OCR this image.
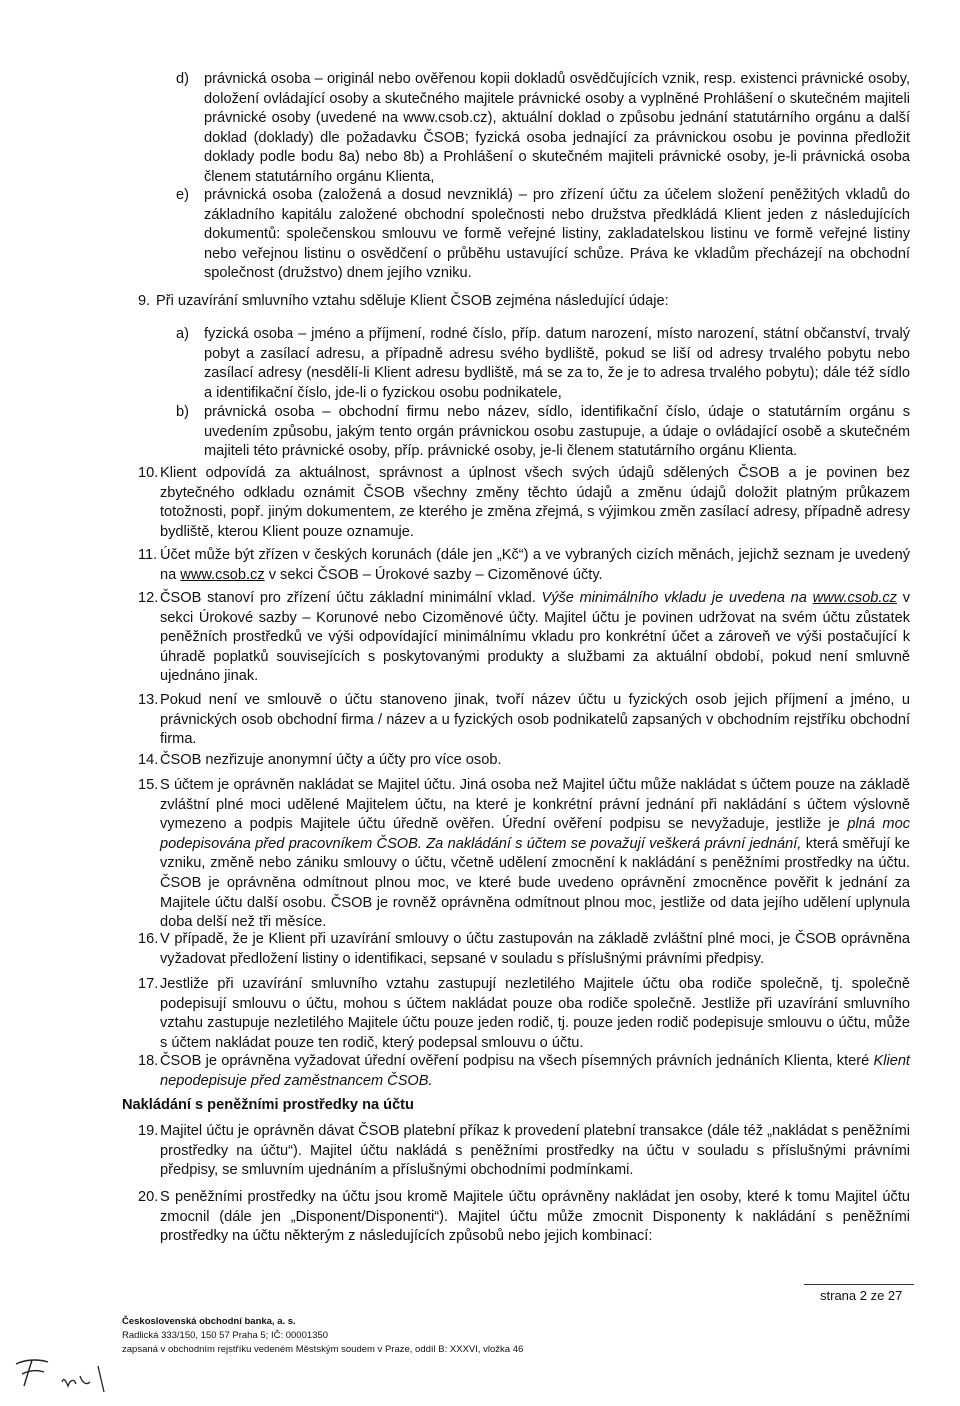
d) právnická osoba – originál nebo ověřenou kopii dokladů osvědčujících vznik, resp. existenci právnické osoby, doložení ovládající osoby a skutečného majitele právnické osoby a vyplněné Prohlášení o skutečném majiteli právnické osoby (uvedené na www.csob.cz), aktuální doklad o způsobu jednání statutárního orgánu a další doklad (doklady) dle požadavku ČSOB; fyzická osoba jednající za právnickou osobu je povinna předložit doklady podle bodu 8a) nebo 8b) a Prohlášení o skutečném majiteli právnické osoby, je-li právnická osoba členem statutárního orgánu Klienta,

e) právnická osoba (založená a dosud nevzniklá) – pro zřízení účtu za účelem složení peněžitých vkladů do základního kapitálu založené obchodní společnosti nebo družstva předkládá Klient jeden z následujících dokumentů: společenskou smlouvu ve formě veřejné listiny, zakladatelskou listinu ve formě veřejné listiny nebo veřejnou listinu o osvědčení o průběhu ustavující schůze. Práva ke vkladům přecházejí na obchodní společnost (družstvo) dnem jejího vzniku.

9. Při uzavírání smluvního vztahu sděluje Klient ČSOB zejména následující údaje:

a) fyzická osoba – jméno a příjmení, rodné číslo, příp. datum narození, místo narození, státní občanství, trvalý pobyt a zasílací adresu, a případně adresu svého bydliště, pokud se liší od adresy trvalého pobytu nebo zasílací adresy (nesdělí-li Klient adresu bydliště, má se za to, že je to adresa trvalého pobytu); dále též sídlo a identifikační číslo, jde-li o fyzickou osobu podnikatele,

b) právnická osoba – obchodní firmu nebo název, sídlo, identifikační číslo, údaje o statutárním orgánu s uvedením způsobu, jakým tento orgán právnickou osobu zastupuje, a údaje o ovládající osobě a skutečném majiteli této právnické osoby, příp. právnické osoby, je-li členem statutárního orgánu Klienta.

10. Klient odpovídá za aktuálnost, správnost a úplnost všech svých údajů sdělených ČSOB a je povinen bez zbytečného odkladu oznámit ČSOB všechny změny těchto údajů a změnu údajů doložit platným průkazem totožnosti, popř. jiným dokumentem, ze kterého je změna zřejmá, s výjimkou změn zasílací adresy, případně adresy bydliště, kterou Klient pouze oznamuje.

11. Účet může být zřízen v českých korunách (dále jen „Kč“) a ve vybraných cizích měnách, jejichž seznam je uvedený na www.csob.cz v sekci ČSOB – Úrokové sazby – Cizoměnové účty.

12. ČSOB stanoví pro zřízení účtu základní minimální vklad. Výše minimálního vkladu je uvedena na www.csob.cz v sekci Úrokové sazby – Korunové nebo Cizoměnové účty. Majitel účtu je povinen udržovat na svém účtu zůstatek peněžních prostředků ve výši odpovídající minimálnímu vkladu pro konkrétní účet a zároveň ve výši postačující k úhradě poplatků souvisejících s poskytovanými produkty a službami za aktuální období, pokud není smluvně ujednáno jinak.

13. Pokud není ve smlouvě o účtu stanoveno jinak, tvoří název účtu u fyzických osob jejich příjmení a jméno, u právnických osob obchodní firma / název a u fyzických osob podnikatelů zapsaných v obchodním rejstříku obchodní firma.

14. ČSOB nezřizuje anonymní účty a účty pro více osob.

15. S účtem je oprávněn nakládat se Majitel účtu. Jiná osoba než Majitel účtu může nakládat s účtem pouze na základě zvláštní plné moci udělené Majitelem účtu, na které je konkrétní právní jednání při nakládání s účtem výslovně vymezeno a podpis Majitele účtu úředně ověřen. Úřední ověření podpisu se nevyžaduje, jestliže je plná moc podepisována před pracovníkem ČSOB. Za nakládání s účtem se považují veškerá právní jednání, která směřují ke vzniku, změně nebo zániku smlouvy o účtu, včetně udělení zmocnění k nakládání s peněžními prostředky na účtu. ČSOB je oprávněna odmítnout plnou moc, ve které bude uvedeno oprávnění zmocněnce pověřit k jednání za Majitele účtu další osobu. ČSOB je rovněž oprávněna odmítnout plnou moc, jestliže od data jejího udělení uplynula doba delší než tři měsíce.

16. V případě, že je Klient při uzavírání smlouvy o účtu zastupován na základě zvláštní plné moci, je ČSOB oprávněna vyžadovat předložení listiny o identifikaci, sepsané v souladu s příslušnými právními předpisy.

17. Jestliže při uzavírání smluvního vztahu zastupují nezletilého Majitele účtu oba rodiče společně, tj. společně podepisují smlouvu o účtu, mohou s účtem nakládat pouze oba rodiče společně. Jestliže při uzavírání smluvního vztahu zastupuje nezletilého Majitele účtu pouze jeden rodič, tj. pouze jeden rodič podepisuje smlouvu o účtu, může s účtem nakládat pouze ten rodič, který podepsal smlouvu o účtu.

18. ČSOB je oprávněna vyžadovat úřední ověření podpisu na všech písemných právních jednáních Klienta, které Klient nepodepisuje před zaměstnancem ČSOB.

Nakládání s peněžními prostředky na účtu
19. Majitel účtu je oprávněn dávat ČSOB platební příkaz k provedení platební transakce (dále též „nakládat s peněžními prostředky na účtu“). Majitel účtu nakládá s peněžními prostředky na účtu v souladu s příslušnými právními předpisy, se smluvním ujednáním a příslušnými obchodními podmínkami.

20. S peněžními prostředky na účtu jsou kromě Majitele účtu oprávněny nakládat jen osoby, které k tomu Majitel účtu zmocnil (dále jen „Disponent/Disponenti“). Majitel účtu může zmocnit Disponenty k nakládání s peněžními prostředky na účtu některým z následujících způsobů nebo jejich kombinací:

strana 2 ze 27
Československá obchodní banka, a. s.
Radlická 333/150, 150 57 Praha 5; IČ: 00001350
zapsaná v obchodním rejstříku vedeném Městským soudem v Praze, oddíl B: XXXVI, vložka 46
